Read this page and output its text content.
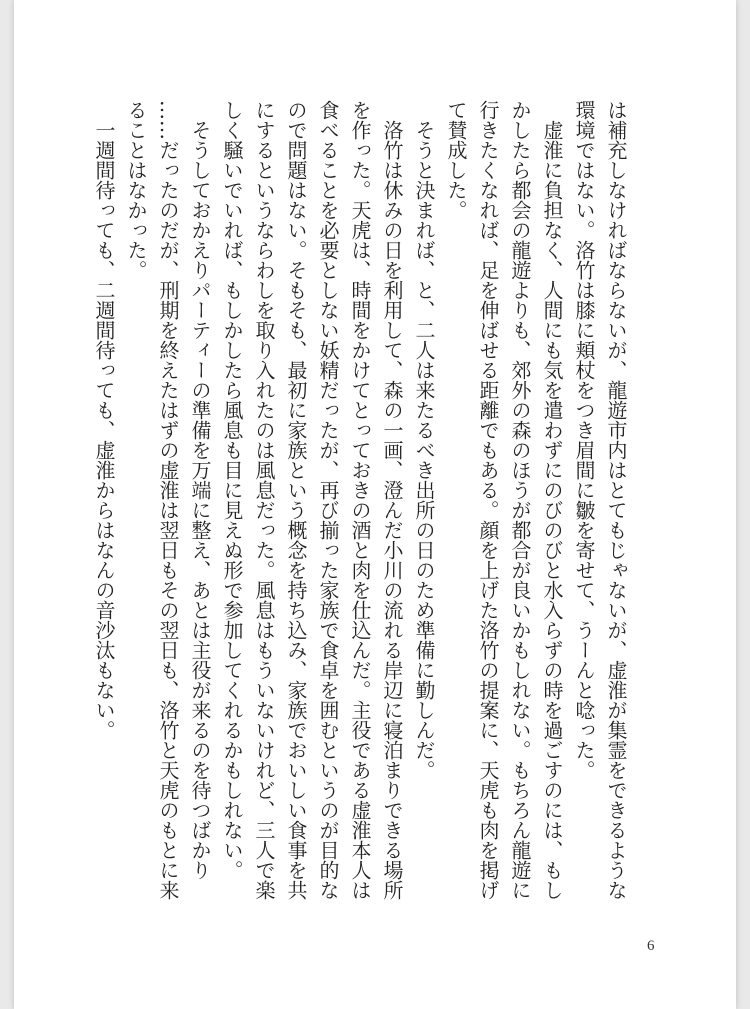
は補充しなければならないが、龍遊市内はとてもじゃないが、虚淮が集霊をできるような
環境ではない。洛竹は膝に頬杖をつき眉間に皺を寄せて、うーんと唸った。
　虚淮に負担なく、人間にも気を遣わずにのびのびと水入らずの時を過ごすのには、もし
かしたら都会の龍遊よりも、郊外の森のほうが都合が良いかもしれない。もちろん龍遊に
行きたくなれば、足を伸ばせる距離でもある。顔を上げた洛竹の提案に、天虎も肉を掲げ
て賛成した。
　そうと決まれば、と、二人は来たるべき出所の日のため準備に勤しんだ。
　洛竹は休みの日を利用して、森の一画、澄んだ小川の流れる岸辺に寝泊まりできる場所
を作った。天虎は、時間をかけてとっておきの酒と肉を仕込んだ。主役である虚淮本人は
食べることを必要としない妖精だったが、再び揃った家族で食卓を囲むというのが目的な
ので問題はない。そもそも、最初に家族という概念を持ち込み、家族でおいしい食事を共
にするというならわしを取り入れたのは風息だった。風息はもういないけれど、三人で楽
しく騒いでいれば、もしかしたら風息も目に見えぬ形で参加してくれるかもしれない。
　そうしておかえりパーティーの準備を万端に整え、あとは主役が来るのを待つばかり
……だったのだが、刑期を終えたはずの虚淮は翌日もその翌日も、洛竹と天虎のもとに来
ることはなかった。
　一週間待っても、二週間待っても、虚淮からはなんの音沙汰もない。
6
